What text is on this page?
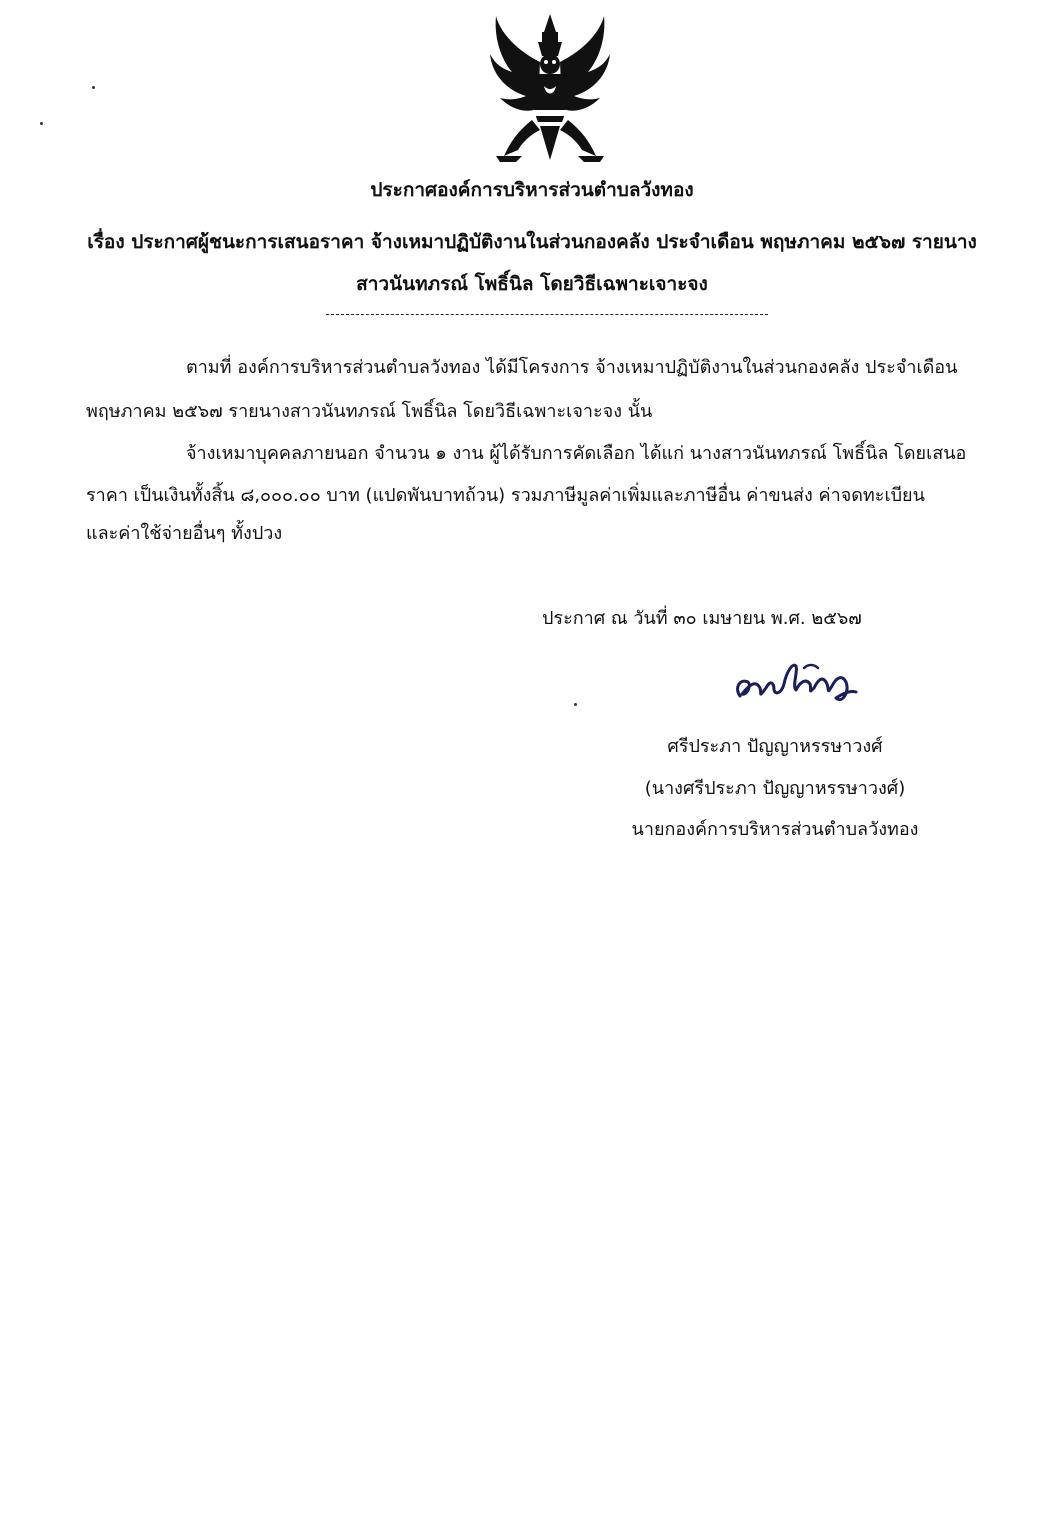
ประกาศองค์การบริหารส่วนตำบลวังทอง
เรื่อง ประกาศผู้ชนะการเสนอราคา จ้างเหมาปฏิบัติงานในส่วนกองคลัง ประจำเดือน พฤษภาคม ๒๕๖๗ รายนาง
สาวนันทภรณ์ โพธิ์นิล โดยวิธีเฉพาะเจาะจง
ตามที่ องค์การบริหารส่วนตำบลวังทอง ได้มีโครงการ จ้างเหมาปฏิบัติงานในส่วนกองคลัง ประจำเดือน
พฤษภาคม ๒๕๖๗ รายนางสาวนันทภรณ์ โพธิ์นิล โดยวิธีเฉพาะเจาะจง นั้น
จ้างเหมาบุคคลภายนอก จำนวน ๑ งาน ผู้ได้รับการคัดเลือก ได้แก่ นางสาวนันทภรณ์ โพธิ์นิล โดยเสนอ
ราคา เป็นเงินทั้งสิ้น ๘,๐๐๐.๐๐ บาท (แปดพันบาทถ้วน) รวมภาษีมูลค่าเพิ่มและภาษีอื่น ค่าขนส่ง ค่าจดทะเบียน
และค่าใช้จ่ายอื่นๆ ทั้งปวง
ประกาศ ณ วันที่ ๓๐ เมษายน พ.ศ. ๒๕๖๗
ศรีประภา ปัญญาหรรษาวงศ์
(นางศรีประภา ปัญญาหรรษาวงศ์)
นายกองค์การบริหารส่วนตำบลวังทอง
